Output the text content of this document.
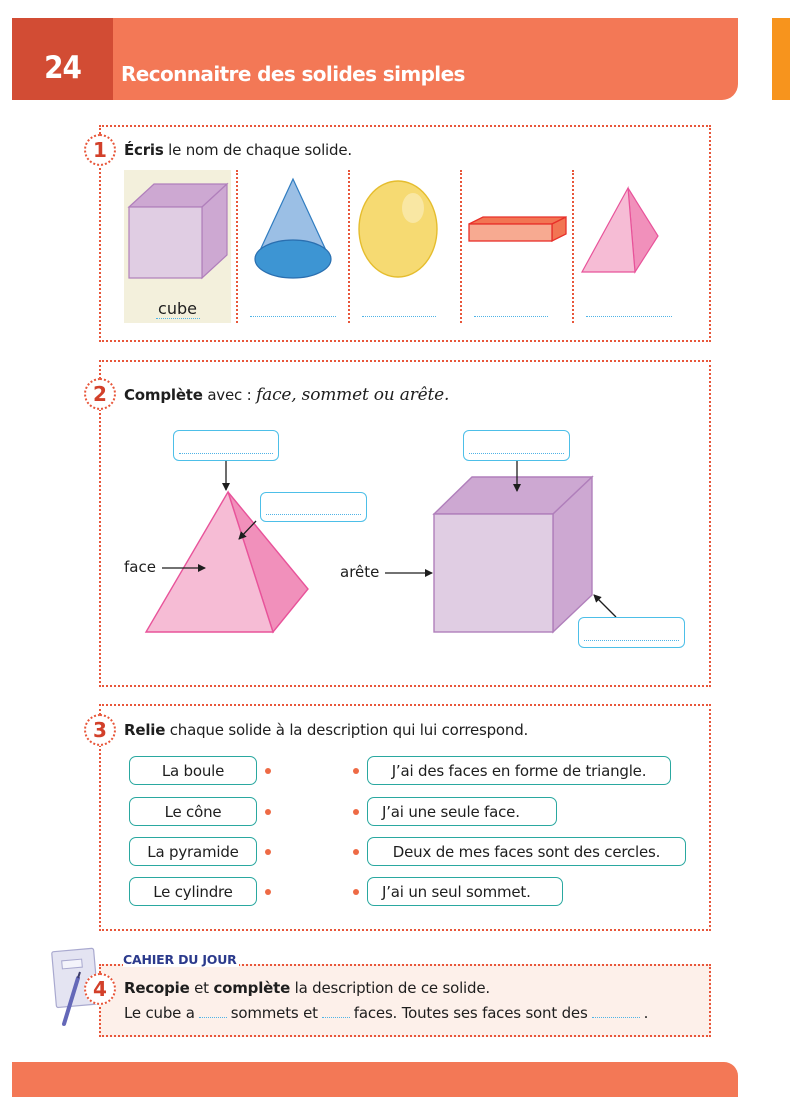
24	Reconnaitre des solides simples
1 Écris le nom de chaque solide.
cube
2 Complète avec : face, sommet ou arête.
face	arête
3 Relie chaque solide à la description qui lui correspond.
La boule
Le cône
La pyramide
Le cylindre
J’ai des faces en forme de triangle.
J’ai une seule face.
Deux de mes faces sont des cercles.
J’ai un seul sommet.
CAHIER DU JOUR
4 Recopie et complète la description de ce solide.
Le cube a sommets et faces. Toutes ses faces sont des	.
